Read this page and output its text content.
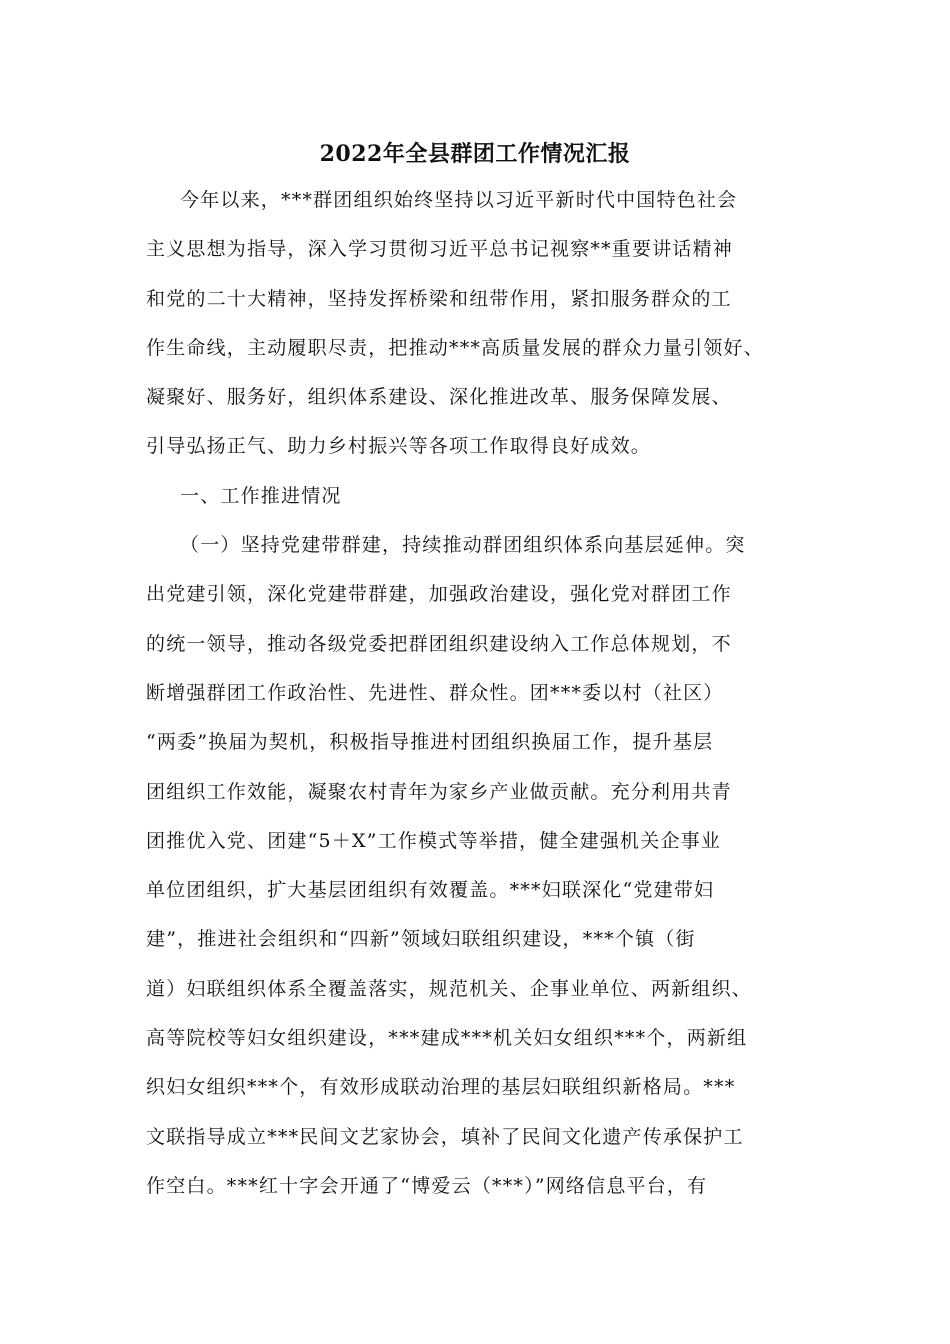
2022年全县群团工作情况汇报
今年以来，***群团组织始终坚持以习近平新时代中国特色社会
主义思想为指导，深入学习贯彻习近平总书记视察**重要讲话精神
和党的二十大精神，坚持发挥桥梁和纽带作用，紧扣服务群众的工
作生命线，主动履职尽责，把推动***高质量发展的群众力量引领好、
凝聚好、服务好，组织体系建设、深化推进改革、服务保障发展、
引导弘扬正气、助力乡村振兴等各项工作取得良好成效。
一、工作推进情况
（一）坚持党建带群建，持续推动群团组织体系向基层延伸。突
出党建引领，深化党建带群建，加强政治建设，强化党对群团工作
的统一领导，推动各级党委把群团组织建设纳入工作总体规划，不
断增强群团工作政治性、先进性、群众性。团***委以村（社区）
“两委”换届为契机，积极指导推进村团组织换届工作，提升基层
团组织工作效能，凝聚农村青年为家乡产业做贡献。充分利用共青
团推优入党、团建“5＋X”工作模式等举措，健全建强机关企事业
单位团组织，扩大基层团组织有效覆盖。***妇联深化“党建带妇
建”，推进社会组织和“四新”领域妇联组织建设，***个镇（街
道）妇联组织体系全覆盖落实，规范机关、企事业单位、两新组织、
高等院校等妇女组织建设，***建成***机关妇女组织***个，两新组
织妇女组织***个，有效形成联动治理的基层妇联组织新格局。***
文联指导成立***民间文艺家协会，填补了民间文化遗产传承保护工
作空白。***红十字会开通了“博爱云（***）”网络信息平台，有
